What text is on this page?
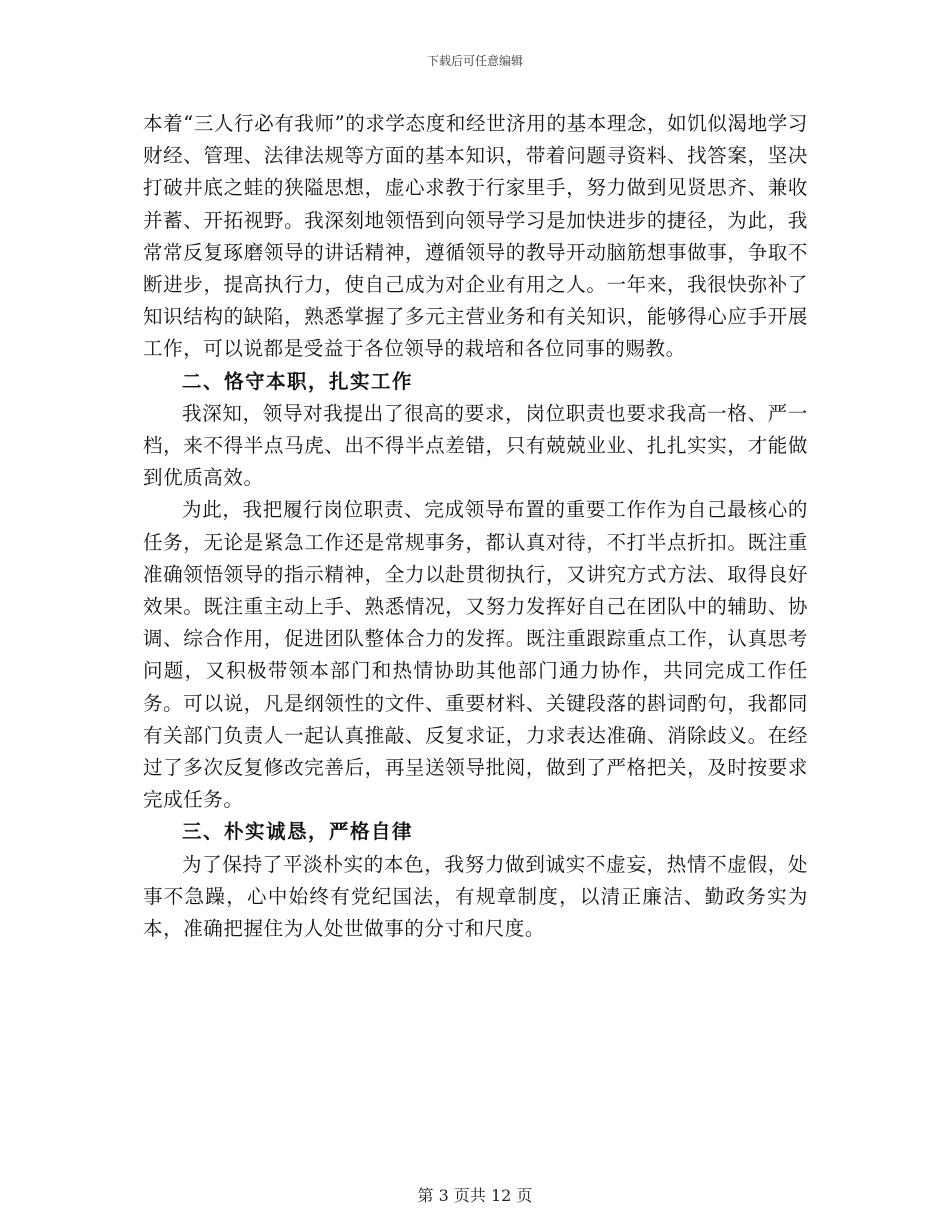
下载后可任意编辑

本着“三人行必有我师”的求学态度和经世济用的基本理念，如饥似渴地学习财经、管理、法律法规等方面的基本知识，带着问题寻资料、找答案，坚决打破井底之蛙的狭隘思想，虚心求教于行家里手，努力做到见贤思齐、兼收并蓄、开拓视野。我深刻地领悟到向领导学习是加快进步的捷径，为此，我常常反复琢磨领导的讲话精神，遵循领导的教导开动脑筋想事做事，争取不断进步，提高执行力，使自己成为对企业有用之人。一年来，我很快弥补了知识结构的缺陷，熟悉掌握了多元主营业务和有关知识，能够得心应手开展工作，可以说都是受益于各位领导的栽培和各位同事的赐教。

二、恪守本职，扎实工作

我深知，领导对我提出了很高的要求，岗位职责也要求我高一格、严一档，来不得半点马虎、出不得半点差错，只有兢兢业业、扎扎实实，才能做到优质高效。

为此，我把履行岗位职责、完成领导布置的重要工作作为自己最核心的任务，无论是紧急工作还是常规事务，都认真对待，不打半点折扣。既注重准确领悟领导的指示精神，全力以赴贯彻执行，又讲究方式方法、取得良好效果。既注重主动上手、熟悉情况，又努力发挥好自己在团队中的辅助、协调、综合作用，促进团队整体合力的发挥。既注重跟踪重点工作，认真思考问题，又积极带领本部门和热情协助其他部门通力协作，共同完成工作任务。可以说，凡是纲领性的文件、重要材料、关键段落的斟词酌句，我都同有关部门负责人一起认真推敲、反复求证，力求表达准确、消除歧义。在经过了多次反复修改完善后，再呈送领导批阅，做到了严格把关，及时按要求完成任务。

三、朴实诚恳，严格自律

为了保持了平淡朴实的本色，我努力做到诚实不虚妄，热情不虚假，处事不急躁，心中始终有党纪国法，有规章制度，以清正廉洁、勤政务实为本，准确把握住为人处世做事的分寸和尺度。

第 3 页共 12 页
